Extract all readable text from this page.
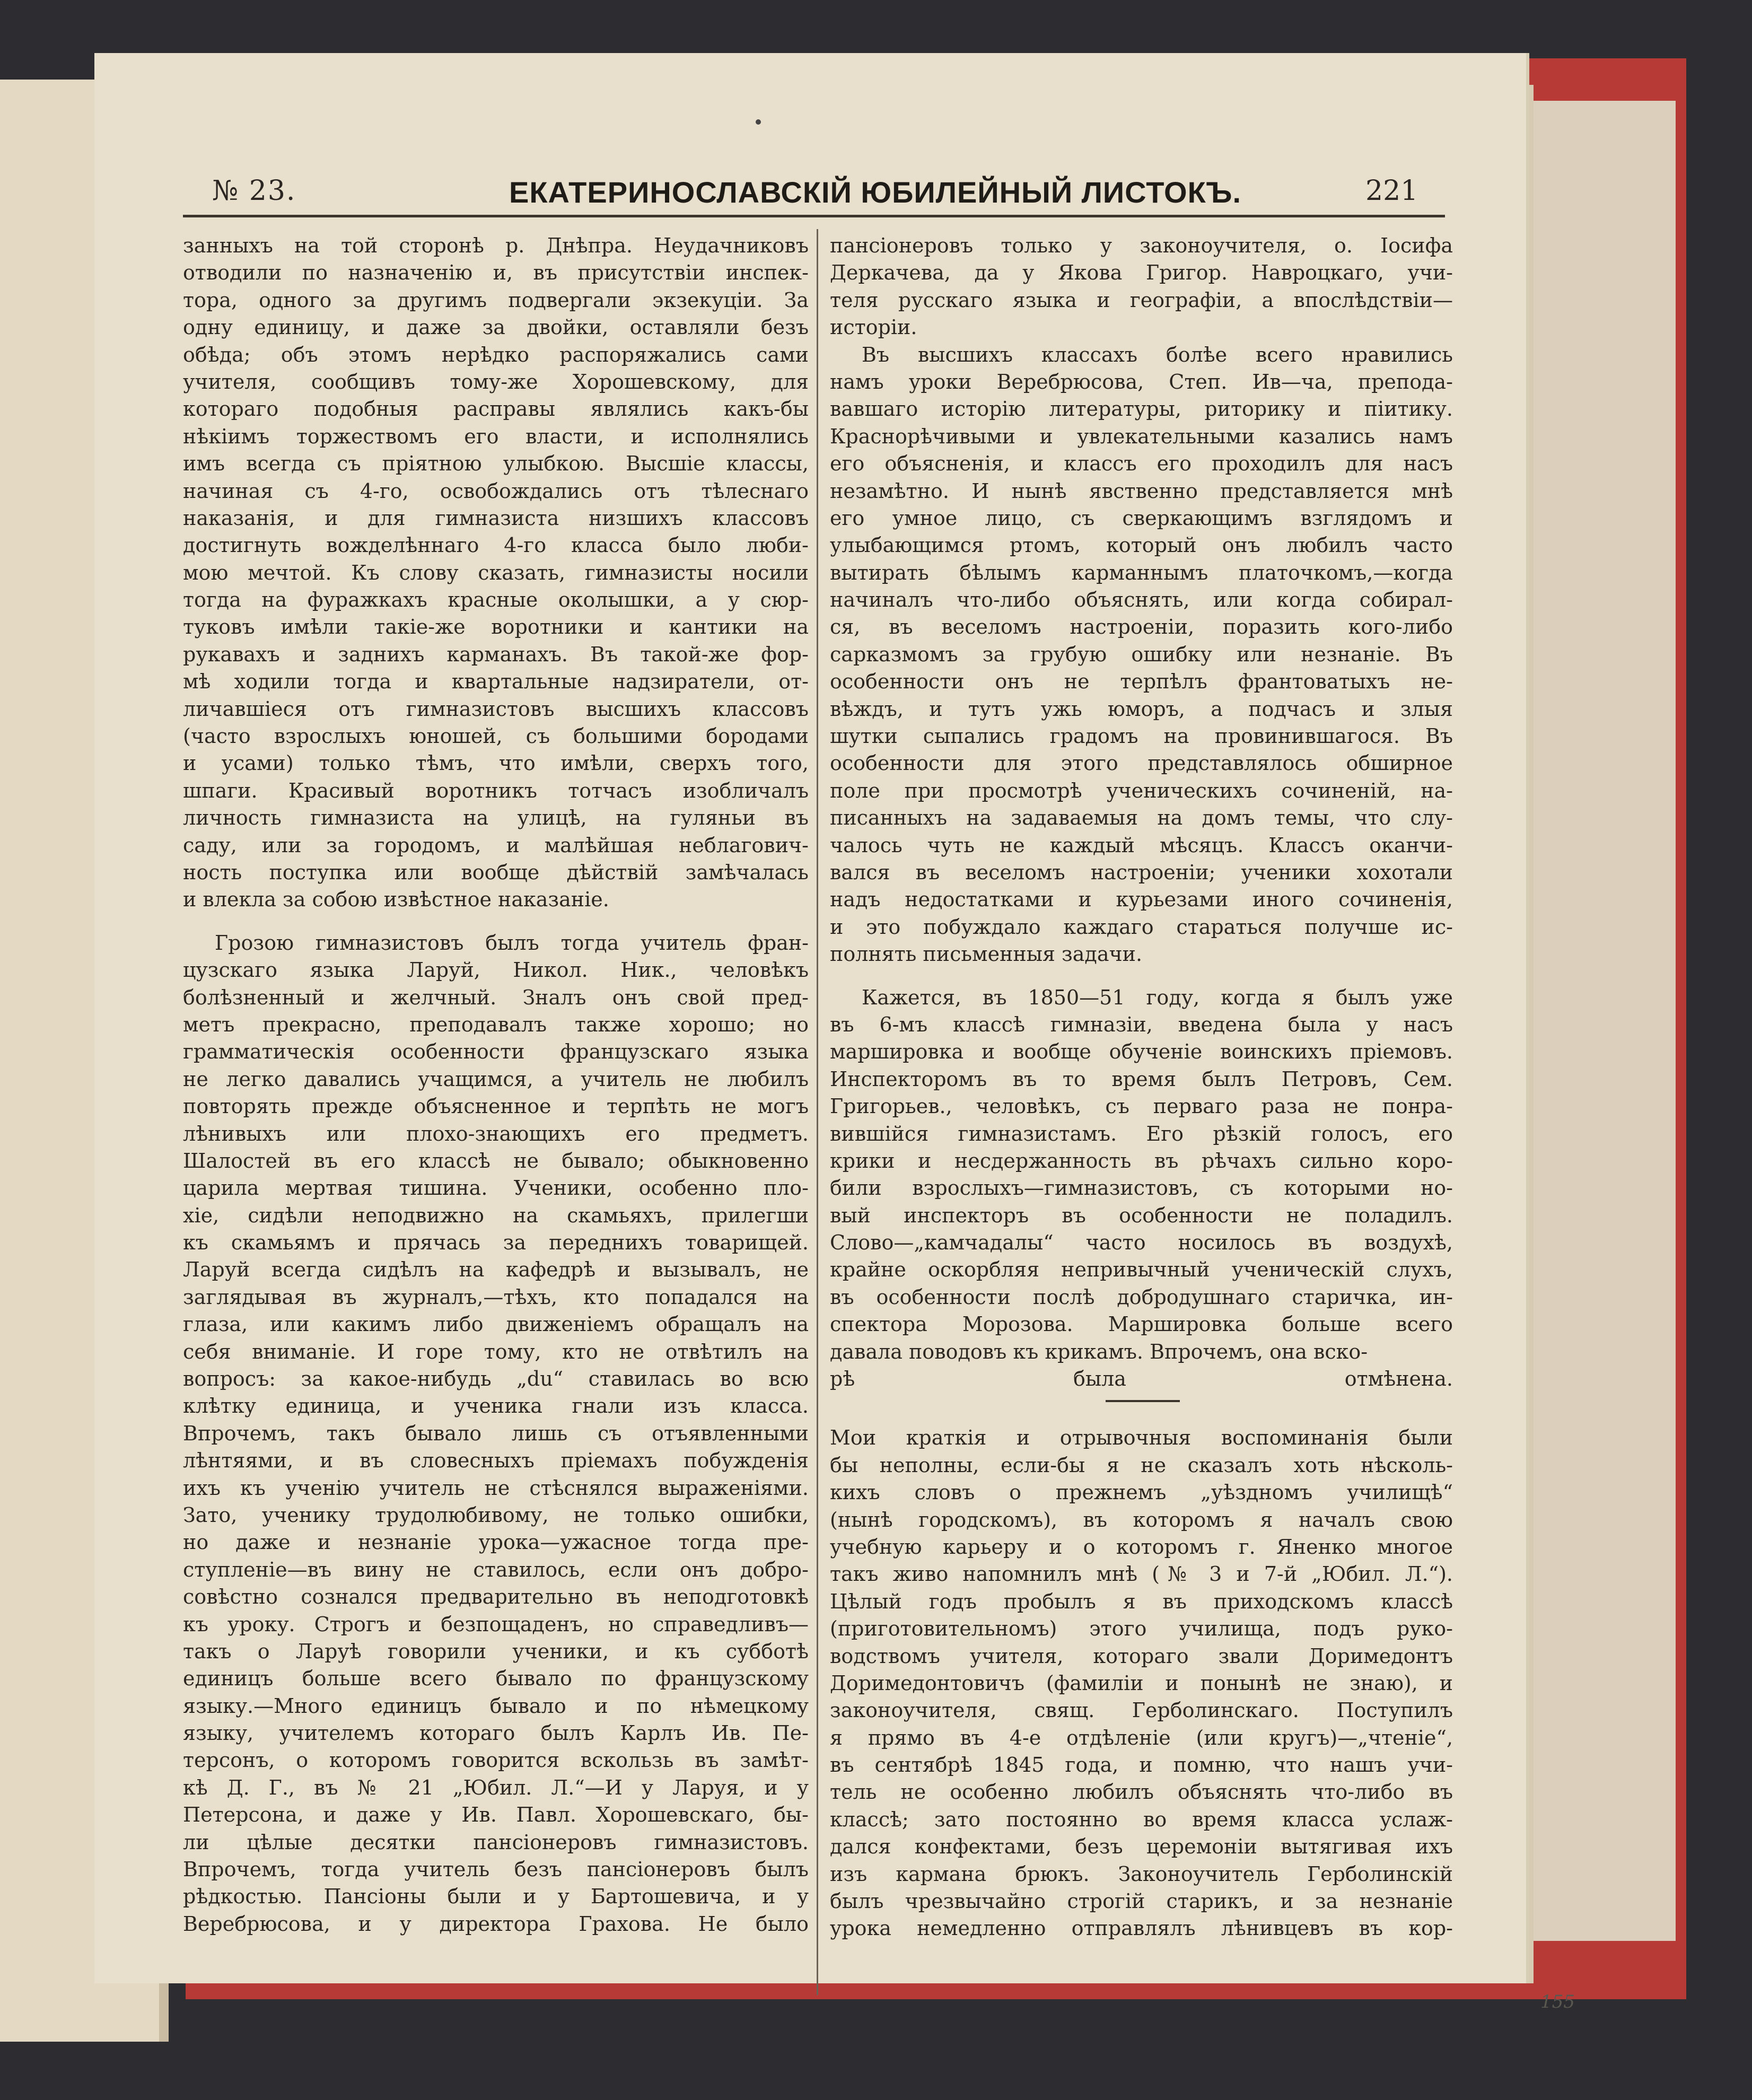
№ 23.	ЕКАТЕРИНОСЛАВСКІЙ ЮБИЛЕЙНЫЙ ЛИСТОКЪ.	221
занныхъ на той сторонѣ р. Днѣпра. Неудачниковъ
отводили по назначенію и, въ присутствіи инспек-
тора, одного за другимъ подвергали экзекуціи. За
одну единицу, и даже за двойки, оставляли безъ
обѣда; объ этомъ нерѣдко распоряжались сами
учителя, сообщивъ тому-же Хорошевскому, для
котораго подобныя расправы являлись какъ-бы
нѣкіимъ торжествомъ его власти, и исполнялись
имъ всегда съ пріятною улыбкою. Высшіе классы,
начиная съ 4-го, освобождались отъ тѣлеснаго
наказанія, и для гимназиста низшихъ классовъ
достигнуть вожделѣннаго 4-го класса было люби-
мою мечтой. Къ слову сказать, гимназисты носили
тогда на фуражкахъ красные околышки, а у сюр-
туковъ имѣли такіе-же воротники и кантики на
рукавахъ и заднихъ карманахъ. Въ такой-же фор-
мѣ ходили тогда и квартальные надзиратели, от-
личавшіеся отъ гимназистовъ высшихъ классовъ
(часто взрослыхъ юношей, съ большими бородами
и усами) только тѣмъ, что имѣли, сверхъ того,
шпаги. Красивый воротникъ тотчасъ изобличалъ
личность гимназиста на улицѣ, на гуляньи въ
саду, или за городомъ, и малѣйшая неблагович-
ность поступка или вообще дѣйствій замѣчалась
и влекла за собою извѣстное наказаніе.
Грозою гимназистовъ былъ тогда учитель фран-
цузскаго языка Ларуй, Никол. Ник., человѣкъ
болѣзненный и желчный. Зналъ онъ свой пред-
метъ прекрасно, преподавалъ также хорошо; но
грамматическія особенности французскаго языка
не легко давались учащимся, а учитель не любилъ
повторять прежде объясненное и терпѣть не могъ
лѣнивыхъ или плохо-знающихъ его предметъ.
Шалостей въ его классѣ не бывало; обыкновенно
царила мертвая тишина. Ученики, особенно пло-
хіе, сидѣли неподвижно на скамьяхъ, прилегши
къ скамьямъ и прячась за переднихъ товарищей.
Ларуй всегда сидѣлъ на кафедрѣ и вызывалъ, не
заглядывая въ журналъ,—тѣхъ, кто попадался на
глаза, или какимъ либо движеніемъ обращалъ на
себя вниманіе. И горе тому, кто не отвѣтилъ на
вопросъ: за какое-нибудь „du“ ставилась во всю
клѣтку единица, и ученика гнали изъ класса.
Впрочемъ, такъ бывало лишь съ отъявленными
лѣнтяями, и въ словесныхъ пріемахъ побужденія
ихъ къ ученію учитель не стѣснялся выраженіями.
Зато, ученику трудолюбивому, не только ошибки,
но даже и незнаніе урока—ужасное тогда пре-
ступленіе—въ вину не ставилось, если онъ добро-
совѣстно сознался предварительно въ неподготовкѣ
къ уроку. Строгъ и безпощаденъ, но справедливъ—
такъ о Ларуѣ говорили ученики, и къ субботѣ
единицъ больше всего бывало по французскому
языку.—Много единицъ бывало и по нѣмецкому
языку, учителемъ котораго былъ Карлъ Ив. Пе-
терсонъ, о которомъ говорится вскользь въ замѣт-
кѣ Д. Г., въ № 21 „Юбил. Л.“—И у Ларуя, и у
Петерсона, и даже у Ив. Павл. Хорошевскаго, бы-
ли цѣлые десятки пансіонеровъ гимназистовъ.
Впрочемъ, тогда учитель безъ пансіонеровъ былъ
рѣдкостью. Пансіоны были и у Бартошевича, и у
Веребрюсова, и у директора Грахова. Не было
пансіонеровъ только у законоучителя, о. Іосифа
Деркачева, да у Якова Григор. Навроцкаго, учи-
теля русскаго языка и географіи, а впослѣдствіи—
исторіи.
Въ высшихъ классахъ болѣе всего нравились
намъ уроки Веребрюсова, Степ. Ив—ча, препода-
вавшаго исторію литературы, риторику и піитику.
Краснорѣчивыми и увлекательными казались намъ
его объясненія, и классъ его проходилъ для насъ
незамѣтно. И нынѣ явственно представляется мнѣ
его умное лицо, съ сверкающимъ взглядомъ и
улыбающимся ртомъ, который онъ любилъ часто
вытирать бѣлымъ карманнымъ платочкомъ,—когда
начиналъ что-либо объяснять, или когда собирал-
ся, въ веселомъ настроеніи, поразить кого-либо
сарказмомъ за грубую ошибку или незнаніе. Въ
особенности онъ не терпѣлъ франтоватыхъ не-
вѣждъ, и тутъ ужь юморъ, а подчасъ и злыя
шутки сыпались градомъ на провинившагося. Въ
особенности для этого представлялось обширное
поле при просмотрѣ ученическихъ сочиненій, на-
писанныхъ на задаваемыя на домъ темы, что слу-
чалось чуть не каждый мѣсяцъ. Классъ оканчи-
вался въ веселомъ настроеніи; ученики хохотали
надъ недостатками и курьезами иного сочиненія,
и это побуждало каждаго стараться получше ис-
полнять письменныя задачи.
Кажется, въ 1850—51 году, когда я былъ уже
въ 6-мъ классѣ гимназіи, введена была у насъ
маршировка и вообще обученіе воинскихъ пріемовъ.
Инспекторомъ въ то время былъ Петровъ, Сем.
Григорьев., человѣкъ, съ перваго раза не понра-
вившійся гимназистамъ. Его рѣзкій голосъ, его
крики и несдержанность въ рѣчахъ сильно коро-
били взрослыхъ—гимназистовъ, съ которыми но-
вый инспекторъ въ особенности не поладилъ.
Слово—„камчадалы“ часто носилось въ воздухѣ,
крайне оскорбляя непривычный ученическій слухъ,
въ особенности послѣ добродушнаго старичка, ин-
спектора Морозова. Маршировка больше всего
давала поводовъ къ крикамъ. Впрочемъ, она вско-
рѣ была отмѣнена.
Мои краткія и отрывочныя воспоминанія были
бы неполны, если-бы я не сказалъ хоть нѣсколь-
кихъ словъ о прежнемъ „уѣздномъ училищѣ“
(нынѣ городскомъ), въ которомъ я началъ свою
учебную карьеру и о которомъ г. Яненко многое
такъ живо напомнилъ мнѣ (№ 3 и 7-й „Юбил. Л.“).
Цѣлый годъ пробылъ я въ приходскомъ классѣ
(приготовительномъ) этого училища, подъ руко-
водствомъ учителя, котораго звали Доримедонтъ
Доримедонтовичъ (фамиліи и понынѣ не знаю), и
законоучителя, свящ. Герболинскаго. Поступилъ
я прямо въ 4-е отдѣленіе (или кругъ)—„чтеніе“,
въ сентябрѣ 1845 года, и помню, что нашъ учи-
тель не особенно любилъ объяснять что-либо въ
классѣ; зато постоянно во время класса услаж-
дался конфектами, безъ церемоніи вытягивая ихъ
изъ кармана брюкъ. Законоучитель Герболинскій
былъ чрезвычайно строгій старикъ, и за незнаніе
урока немедленно отправлялъ лѣнивцевъ въ кор-
155
